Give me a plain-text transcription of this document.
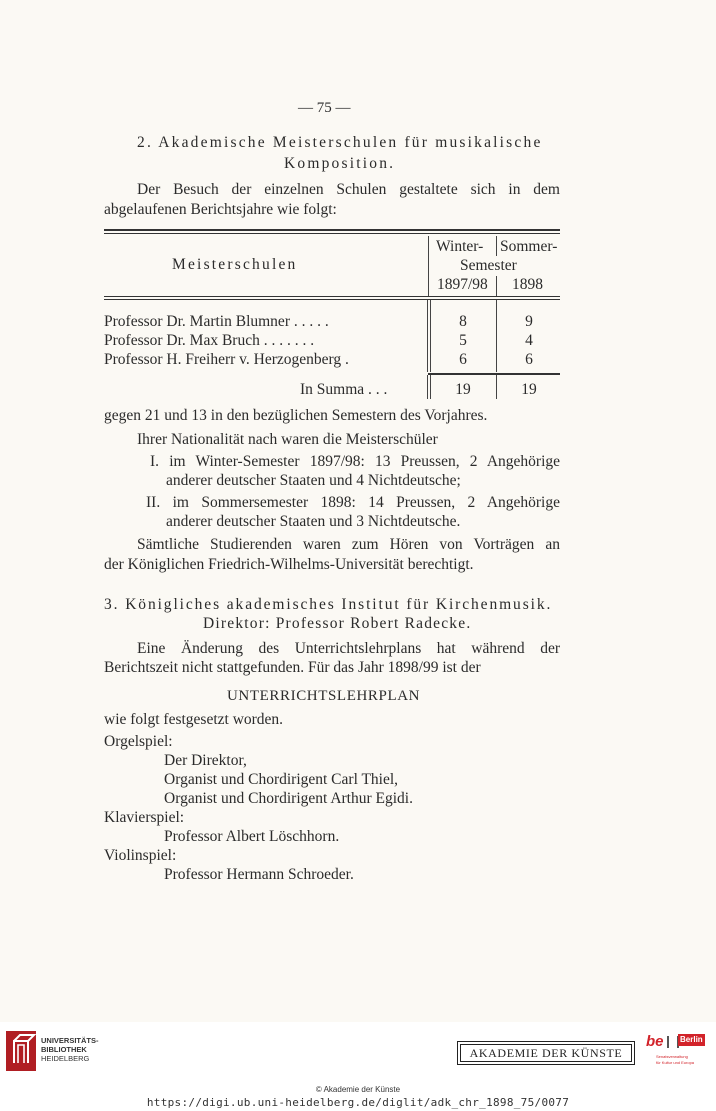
— 75 —
2. Akademische Meisterschulen für musikalische
Komposition.
Der Besuch der einzelnen Schulen gestaltete sich in dem
abgelaufenen Berichtsjahre wie folgt:
Meisterschulen
Winter- Sommer-
Semester
1897/98 1898
Professor Dr. Martin Blumner . . . . .	8	9
Professor Dr. Max Bruch . . . . . . .	5	4
Professor H. Freiherr v. Herzogenberg .	6	6
In Summa . . .	19	19
gegen 21 und 13 in den bezüglichen Semestern des Vorjahres.
Ihrer Nationalität nach waren die Meisterschüler
I. im Winter-Semester 1897/98: 13 Preussen, 2 Angehörige
anderer deutscher Staaten und 4 Nichtdeutsche;
II. im Sommersemester 1898: 14 Preussen, 2 Angehörige
anderer deutscher Staaten und 3 Nichtdeutsche.
Sämtliche Studierenden waren zum Hören von Vorträgen an
der Königlichen Friedrich-Wilhelms-Universität berechtigt.
3. Königliches akademisches Institut für Kirchenmusik.
Direktor: Professor Robert Radecke.
Eine Änderung des Unterrichtslehrplans hat während der
Berichtszeit nicht stattgefunden. Für das Jahr 1898/99 ist der
UNTERRICHTSLEHRPLAN
wie folgt festgesetzt worden.
Orgelspiel:
Der Direktor,
Organist und Chordirigent Carl Thiel,
Organist und Chordirigent Arthur Egidi.
Klavierspiel:
Professor Albert Löschhorn.
Violinspiel:
Professor Hermann Schroeder.
UNIVERSITÄTS-
BIBLIOTHEK
HEIDELBERG	AKADEMIE DER KÜNSTE
be Berlin
Senatsverwaltung
für Kultur und Europa
© Akademie der Künste
https://digi.ub.uni-heidelberg.de/diglit/adk_chr_1898_75/0077
